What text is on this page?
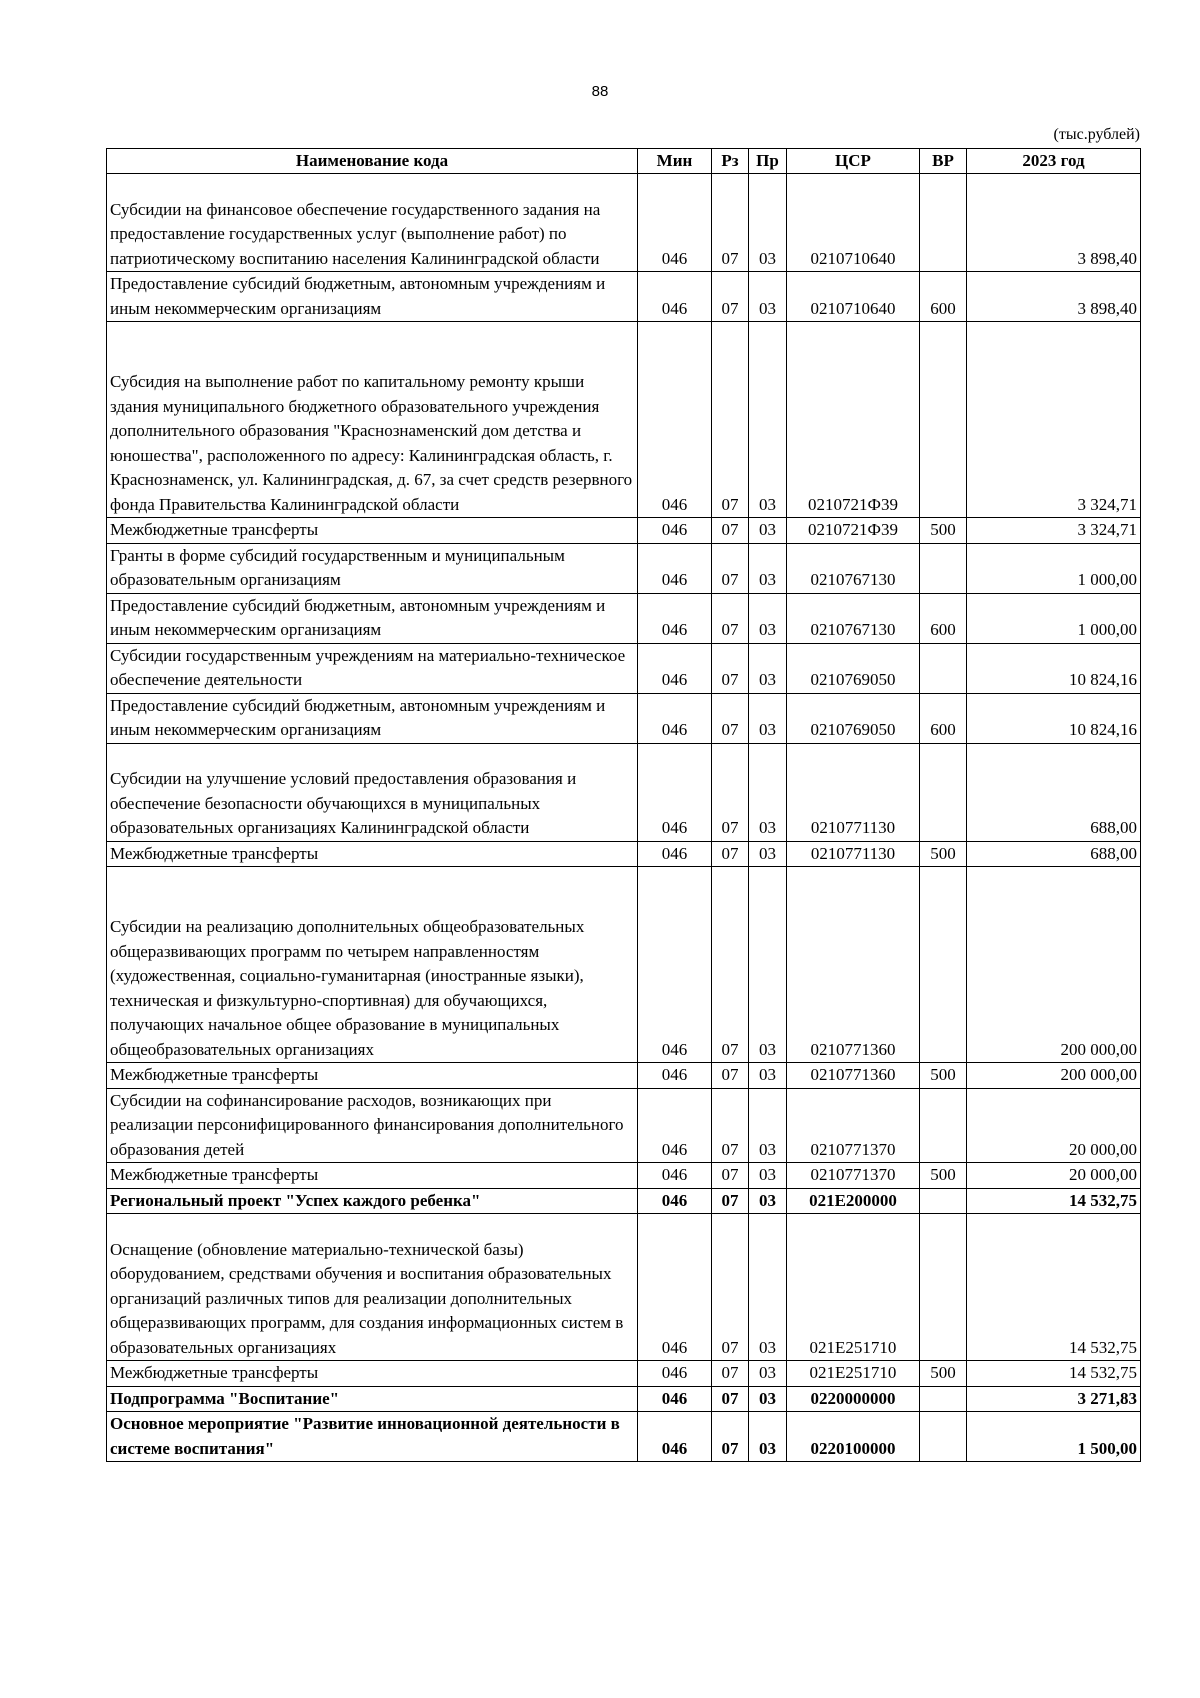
88
(тыс.рублей)
Наименование кода	Мин	Рз	Пр	ЦСР	ВР	2023 год
Субсидии на финансовое обеспечение государственного задания на предоставление государственных услуг (выполнение работ) по патриотическому воспитанию населения Калининградской области	046	07	03	0210710640		3 898,40
Предоставление субсидий бюджетным, автономным учреждениям и иным некоммерческим организациям	046	07	03	0210710640	600	3 898,40
Субсидия на выполнение работ по капитальному ремонту крыши здания муниципального бюджетного образовательного учреждения дополнительного образования "Краснознаменский дом детства и юношества", расположенного по адресу: Калининградская область, г. Краснознаменск, ул. Калининградская, д. 67, за счет средств резервного фонда Правительства Калининградской области	046	07	03	0210721Ф39		3 324,71
Межбюджетные трансферты	046	07	03	0210721Ф39	500	3 324,71
Гранты в форме субсидий государственным и муниципальным образовательным организациям	046	07	03	0210767130		1 000,00
Предоставление субсидий бюджетным, автономным учреждениям и иным некоммерческим организациям	046	07	03	0210767130	600	1 000,00
Субсидии государственным учреждениям на материально-техническое обеспечение деятельности	046	07	03	0210769050		10 824,16
Предоставление субсидий бюджетным, автономным учреждениям и иным некоммерческим организациям	046	07	03	0210769050	600	10 824,16
Субсидии на улучшение условий предоставления образования и обеспечение безопасности обучающихся в муниципальных образовательных организациях Калининградской области	046	07	03	0210771130		688,00
Межбюджетные трансферты	046	07	03	0210771130	500	688,00
Субсидии на реализацию дополнительных общеобразовательных общеразвивающих программ по четырем направленностям (художественная, социально-гуманитарная (иностранные языки), техническая и физкультурно-спортивная) для обучающихся, получающих начальное общее образование в муниципальных общеобразовательных организациях	046	07	03	0210771360		200 000,00
Межбюджетные трансферты	046	07	03	0210771360	500	200 000,00
Субсидии на софинансирование расходов, возникающих при реализации персонифицированного финансирования дополнительного образования детей	046	07	03	0210771370		20 000,00
Межбюджетные трансферты	046	07	03	0210771370	500	20 000,00
Региональный проект "Успех каждого ребенка"	046	07	03	021E200000		14 532,75
Оснащение (обновление материально-технической базы) оборудованием, средствами обучения и воспитания образовательных организаций различных типов для реализации дополнительных общеразвивающих программ, для создания информационных систем в образовательных организациях	046	07	03	021E251710		14 532,75
Межбюджетные трансферты	046	07	03	021E251710	500	14 532,75
Подпрограмма "Воспитание"	046	07	03	0220000000		3 271,83
Основное мероприятие "Развитие инновационной деятельности в системе воспитания"	046	07	03	0220100000		1 500,00
